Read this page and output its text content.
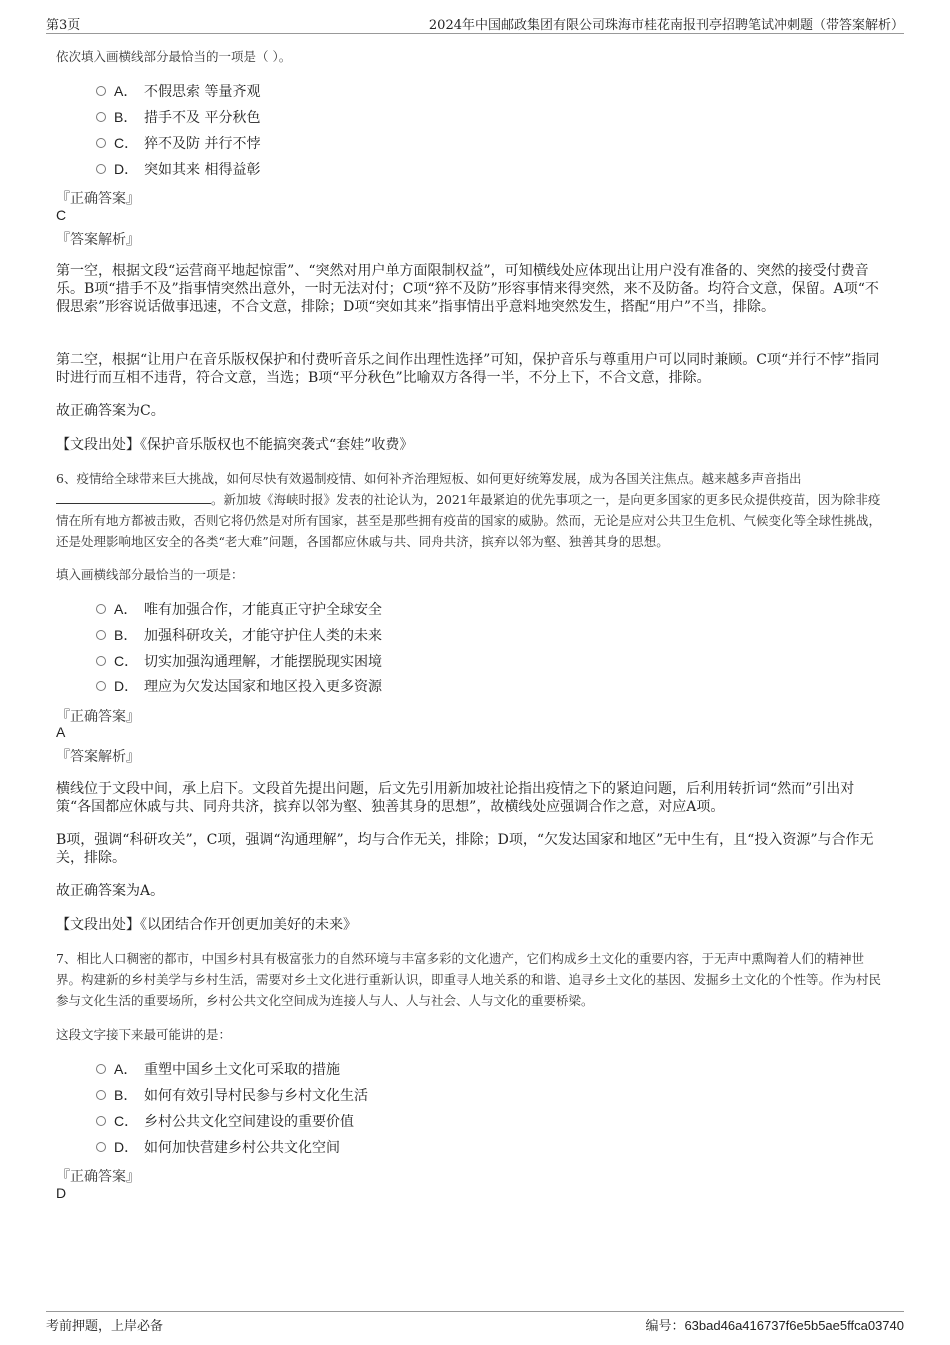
第3页	2024年中国邮政集团有限公司珠海市桂花南报刊亭招聘笔试冲刺题（带答案解析）
依次填入画横线部分最恰当的一项是（ ）。
A． 不假思索 等量齐观
B． 措手不及 平分秋色
C． 猝不及防 并行不悖
D． 突如其来 相得益彰
『正确答案』
C
『答案解析』
第一空，根据文段“运营商平地起惊雷”、“突然对用户单方面限制权益”，可知横线处应体现出让用户没有准备的、突然的接受付费音乐。B项“措手不及”指事情突然出意外，一时无法对付；C项“猝不及防”形容事情来得突然，来不及防备。均符合文意，保留。A项“不假思索”形容说话做事迅速，不合文意，排除；D项“突如其来”指事情出乎意料地突然发生，搭配“用户”不当，排除。
第二空，根据“让用户在音乐版权保护和付费听音乐之间作出理性选择”可知，保护音乐与尊重用户可以同时兼顾。C项“并行不悖”指同时进行而互相不违背，符合文意，当选；B项“平分秋色”比喻双方各得一半，不分上下，不合文意，排除。
故正确答案为C。
【文段出处】《保护音乐版权也不能搞突袭式“套娃”收费》
6、疫情给全球带来巨大挑战，如何尽快有效遏制疫情、如何补齐治理短板、如何更好统筹发展，成为各国关注焦点。越来越多声音指出。新加坡《海峡时报》发表的社论认为，2021年最紧迫的优先事项之一，是向更多国家的更多民众提供疫苗，因为除非疫情在所有地方都被击败，否则它将仍然是对所有国家，甚至是那些拥有疫苗的国家的威胁。然而，无论是应对公共卫生危机、气候变化等全球性挑战，还是处理影响地区安全的各类“老大难”问题，各国都应休戚与共、同舟共济，摈弃以邻为壑、独善其身的思想。
填入画横线部分最恰当的一项是：
A． 唯有加强合作，才能真正守护全球安全
B． 加强科研攻关，才能守护住人类的未来
C． 切实加强沟通理解，才能摆脱现实困境
D． 理应为欠发达国家和地区投入更多资源
『正确答案』
A
『答案解析』
横线位于文段中间，承上启下。文段首先提出问题，后文先引用新加坡社论指出疫情之下的紧迫问题，后利用转折词“然而”引出对策“各国都应休戚与共、同舟共济，摈弃以邻为壑、独善其身的思想”，故横线处应强调合作之意，对应A项。
B项，强调“科研攻关”，C项，强调“沟通理解”，均与合作无关，排除；D项，“欠发达国家和地区”无中生有，且“投入资源”与合作无关，排除。
故正确答案为A。
【文段出处】《以团结合作开创更加美好的未来》
7、相比人口稠密的都市，中国乡村具有极富张力的自然环境与丰富多彩的文化遗产，它们构成乡土文化的重要内容，于无声中熏陶着人们的精神世界。构建新的乡村美学与乡村生活，需要对乡土文化进行重新认识，即重寻人地关系的和谐、追寻乡土文化的基因、发掘乡土文化的个性等。作为村民参与文化生活的重要场所，乡村公共文化空间成为连接人与人、人与社会、人与文化的重要桥梁。
这段文字接下来最可能讲的是：
A． 重塑中国乡土文化可采取的措施
B． 如何有效引导村民参与乡村文化生活
C． 乡村公共文化空间建设的重要价值
D． 如何加快营建乡村公共文化空间
『正确答案』
D
考前押题，上岸必备	编号：63bad46a416737f6e5b5ae5ffca03740
